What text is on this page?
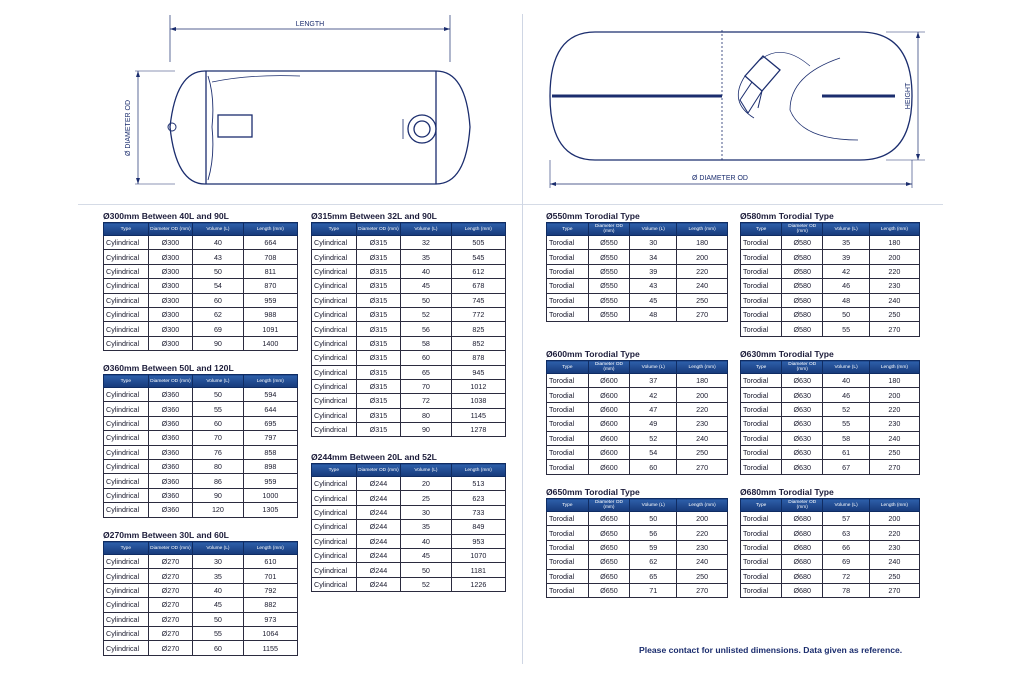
LENGTH
Ø DIAMETER OD
HEIGHT
Ø DIAMETER OD
Ø300mm Between 40L and 90L
Type	Diameter OD (mm)	Volume (L)	Length (mm)
Cylindrical	Ø300	40	664
Cylindrical	Ø300	43	708
Cylindrical	Ø300	50	811
Cylindrical	Ø300	54	870
Cylindrical	Ø300	60	959
Cylindrical	Ø300	62	988
Cylindrical	Ø300	69	1091
Cylindrical	Ø300	90	1400
Ø360mm Between 50L and 120L
Type	Diameter OD (mm)	Volume (L)	Length (mm)
Cylindrical	Ø360	50	594
Cylindrical	Ø360	55	644
Cylindrical	Ø360	60	695
Cylindrical	Ø360	70	797
Cylindrical	Ø360	76	858
Cylindrical	Ø360	80	898
Cylindrical	Ø360	86	959
Cylindrical	Ø360	90	1000
Cylindrical	Ø360	120	1305
Ø270mm Between 30L and 60L
Type	Diameter OD (mm)	Volume (L)	Length (mm)
Cylindrical	Ø270	30	610
Cylindrical	Ø270	35	701
Cylindrical	Ø270	40	792
Cylindrical	Ø270	45	882
Cylindrical	Ø270	50	973
Cylindrical	Ø270	55	1064
Cylindrical	Ø270	60	1155
Ø315mm Between 32L and 90L
Type	Diameter OD (mm)	Volume (L)	Length (mm)
Cylindrical	Ø315	32	505
Cylindrical	Ø315	35	545
Cylindrical	Ø315	40	612
Cylindrical	Ø315	45	678
Cylindrical	Ø315	50	745
Cylindrical	Ø315	52	772
Cylindrical	Ø315	56	825
Cylindrical	Ø315	58	852
Cylindrical	Ø315	60	878
Cylindrical	Ø315	65	945
Cylindrical	Ø315	70	1012
Cylindrical	Ø315	72	1038
Cylindrical	Ø315	80	1145
Cylindrical	Ø315	90	1278
Ø244mm Between 20L and 52L
Type	Diameter OD (mm)	Volume (L)	Length (mm)
Cylindrical	Ø244	20	513
Cylindrical	Ø244	25	623
Cylindrical	Ø244	30	733
Cylindrical	Ø244	35	849
Cylindrical	Ø244	40	953
Cylindrical	Ø244	45	1070
Cylindrical	Ø244	50	1181
Cylindrical	Ø244	52	1226
Ø550mm Torodial Type
Type	Diameter OD (mm)	Volume (L)	Length (mm)
Torodial	Ø550	30	180
Torodial	Ø550	34	200
Torodial	Ø550	39	220
Torodial	Ø550	43	240
Torodial	Ø550	45	250
Torodial	Ø550	48	270
Ø580mm Torodial Type
Type	Diameter OD (mm)	Volume (L)	Length (mm)
Torodial	Ø580	35	180
Torodial	Ø580	39	200
Torodial	Ø580	42	220
Torodial	Ø580	46	230
Torodial	Ø580	48	240
Torodial	Ø580	50	250
Torodial	Ø580	55	270
Ø600mm Torodial Type
Type	Diameter OD (mm)	Volume (L)	Length (mm)
Torodial	Ø600	37	180
Torodial	Ø600	42	200
Torodial	Ø600	47	220
Torodial	Ø600	49	230
Torodial	Ø600	52	240
Torodial	Ø600	54	250
Torodial	Ø600	60	270
Ø630mm Torodial Type
Type	Diameter OD (mm)	Volume (L)	Length (mm)
Torodial	Ø630	40	180
Torodial	Ø630	46	200
Torodial	Ø630	52	220
Torodial	Ø630	55	230
Torodial	Ø630	58	240
Torodial	Ø630	61	250
Torodial	Ø630	67	270
Ø650mm Torodial Type
Type	Diameter OD (mm)	Volume (L)	Length (mm)
Torodial	Ø650	50	200
Torodial	Ø650	56	220
Torodial	Ø650	59	230
Torodial	Ø650	62	240
Torodial	Ø650	65	250
Torodial	Ø650	71	270
Ø680mm Torodial Type
Type	Diameter OD (mm)	Volume (L)	Length (mm)
Torodial	Ø680	57	200
Torodial	Ø680	63	220
Torodial	Ø680	66	230
Torodial	Ø680	69	240
Torodial	Ø680	72	250
Torodial	Ø680	78	270
Please contact for unlisted dimensions. Data given as reference.
